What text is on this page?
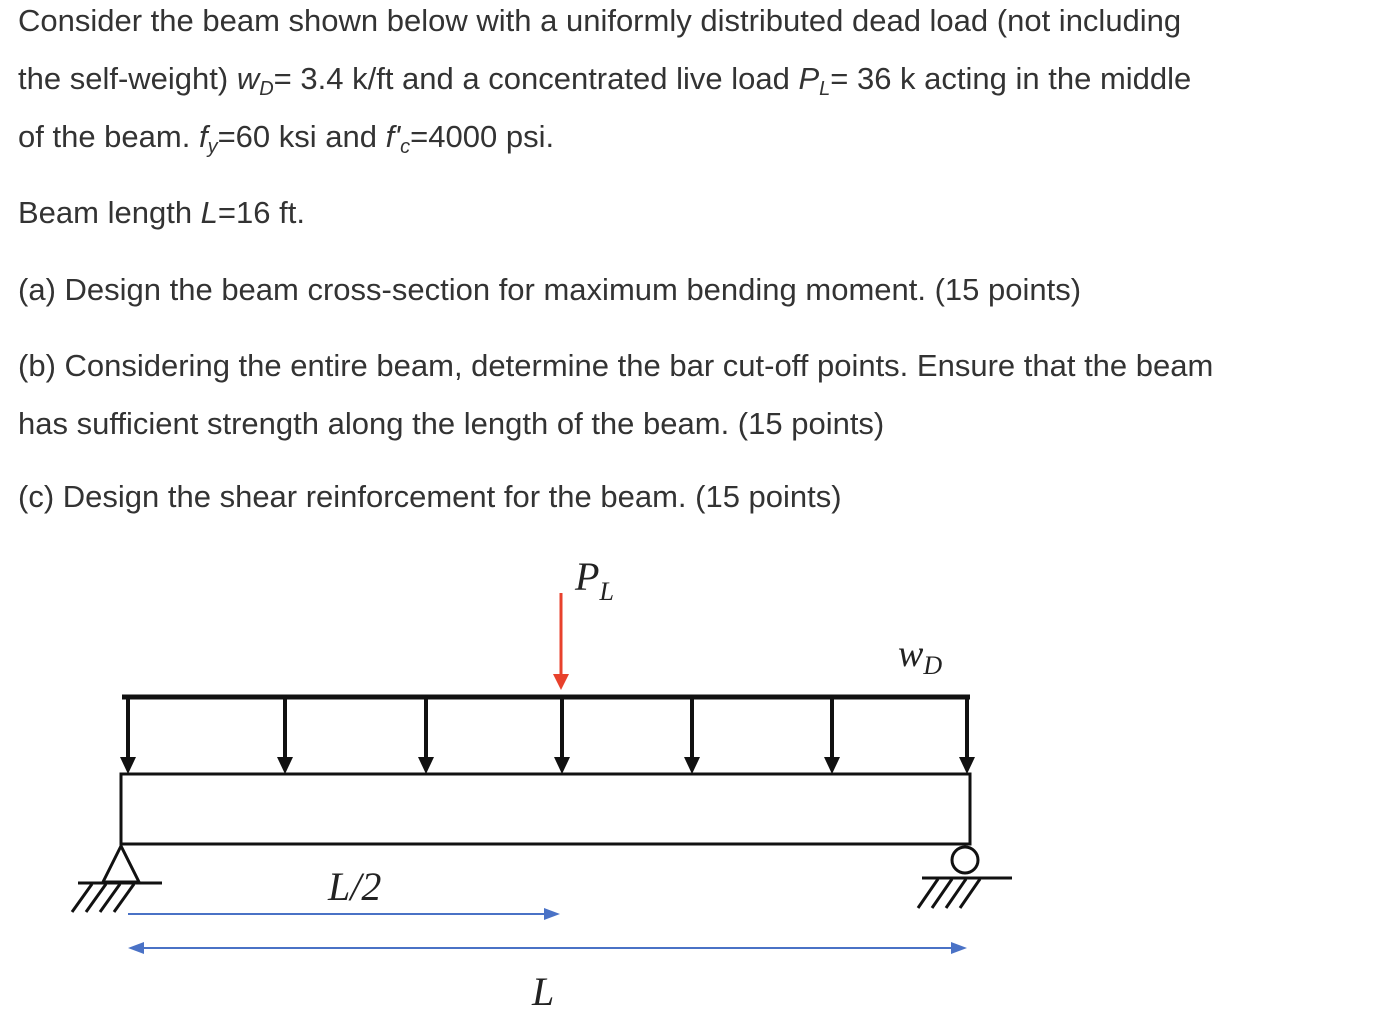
Consider the beam shown below with a uniformly distributed dead load (not including
the self-weight) $w_D= 3.4$ k/ft and a concentrated live load $P_L= 36$ k acting in the middle
of the beam. $f_y=60$ ksi and $f'_c=4000$ psi.

Beam length L=16 ft.

(a) Design the beam cross-section for maximum bending moment. (15 points)

(b) Considering the entire beam, determine the bar cut-off points. Ensure that the beam
has sufficient strength along the length of the beam. (15 points)

(c) Design the shear reinforcement for the beam. (15 points)

$P_L$
$w_D$
L/2
L
